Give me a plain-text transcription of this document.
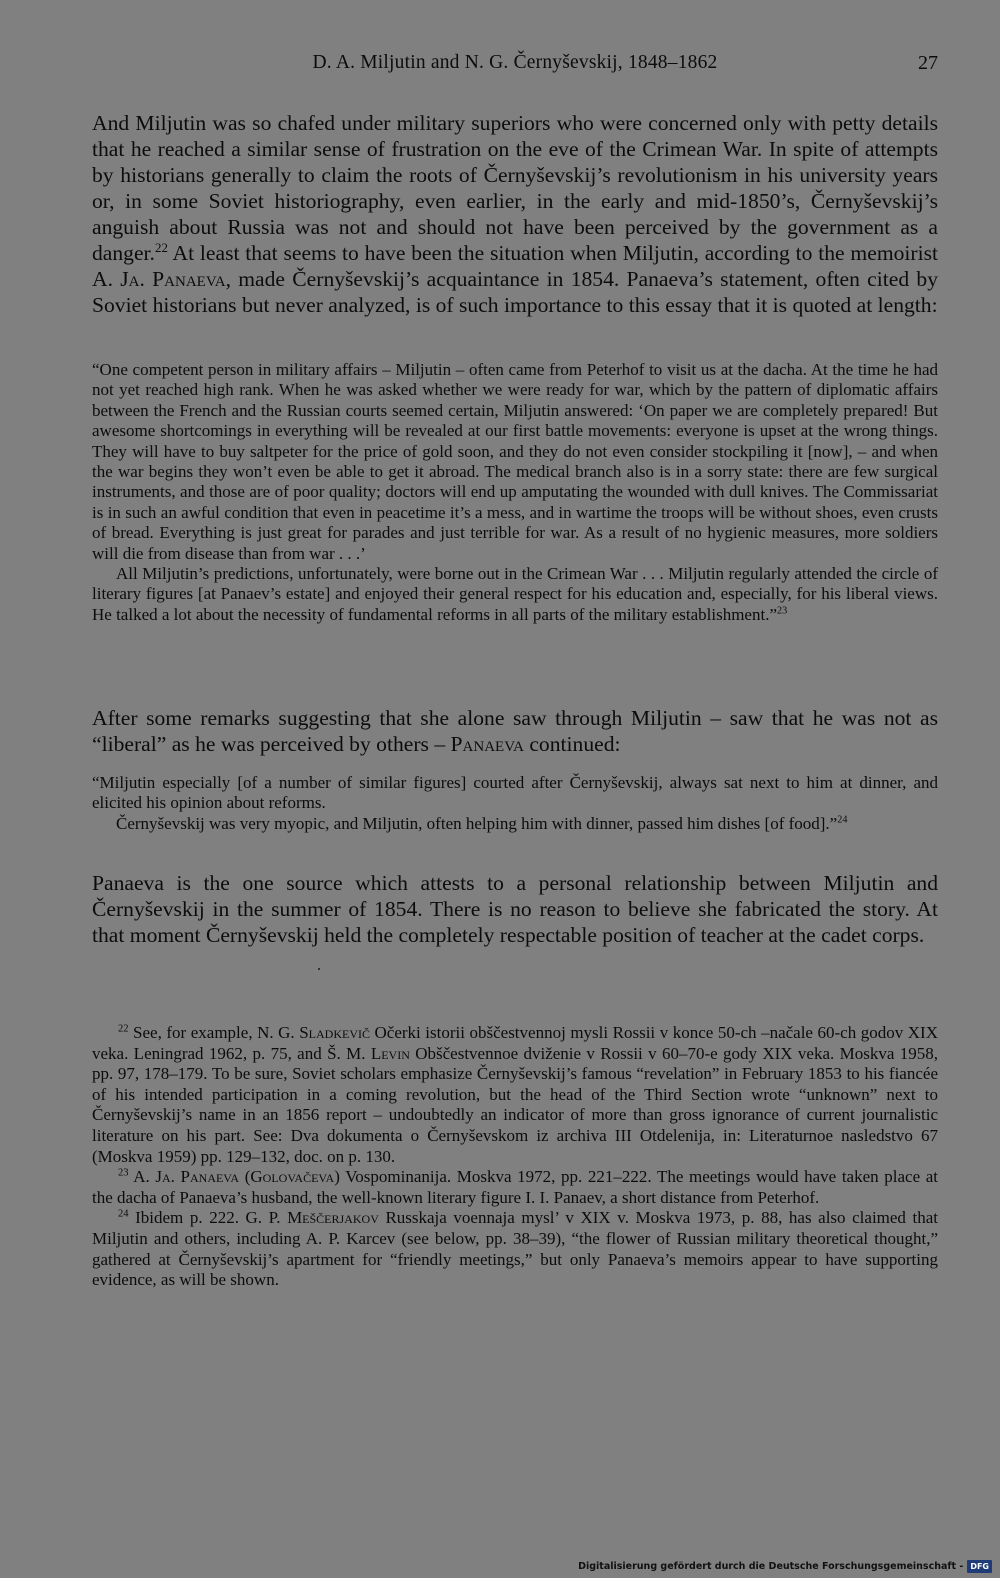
D. A. Miljutin and N. G. Černyševskij, 1848–1862	27

And Miljutin was so chafed under military superiors who were concerned only with petty details that he reached a similar sense of frustration on the eve of the Crimean War. In spite of attempts by historians generally to claim the roots of Černyševskij’s revolutionism in his university years or, in some Soviet historiography, even earlier, in the early and mid-1850’s, Černyševskij’s anguish about Russia was not and should not have been perceived by the government as a danger.$^{22}$ At least that seems to have been the situation when Miljutin, according to the memoirist A. Ja. Panaeva, made Černyševskij’s acquaintance in 1854. Panaeva’s statement, often cited by Soviet historians but never analyzed, is of such importance to this essay that it is quoted at length:

“One competent person in military affairs – Miljutin – often came from Peterhof to visit us at the dacha. At the time he had not yet reached high rank. When he was asked whether we were ready for war, which by the pattern of diplomatic affairs between the French and the Russian courts seemed certain, Miljutin answered: ‘On paper we are completely prepared! But awesome shortcomings in everything will be revealed at our first battle movements: everyone is upset at the wrong things. They will have to buy saltpeter for the price of gold soon, and they do not even consider stockpiling it [now], – and when the war begins they won’t even be able to get it abroad. The medical branch also is in a sorry state: there are few surgical instruments, and those are of poor quality; doctors will end up amputating the wounded with dull knives. The Commissariat is in such an awful condition that even in peacetime it’s a mess, and in wartime the troops will be without shoes, even crusts of bread. Everything is just great for parades and just terrible for war. As a result of no hygienic measures, more soldiers will die from disease than from war . . .’
All Miljutin’s predictions, unfortunately, were borne out in the Crimean War . . . Miljutin regularly attended the circle of literary figures [at Panaev’s estate] and enjoyed their general respect for his education and, especially, for his liberal views. He talked a lot about the necessity of fundamental reforms in all parts of the military establishment.”$^{23}$

After some remarks suggesting that she alone saw through Miljutin – saw that he was not as “liberal” as he was perceived by others – Panaeva continued:

“Miljutin especially [of a number of similar figures] courted after Černyševskij, always sat next to him at dinner, and elicited his opinion about reforms.
Černyševskij was very myopic, and Miljutin, often helping him with dinner, passed him dishes [of food].”$^{24}$

Panaeva is the one source which attests to a personal relationship between Miljutin and Černyševskij in the summer of 1854. There is no reason to believe she fabricated the story. At that moment Černyševskij held the completely respectable position of teacher at the cadet corps.

$^{22}$ See, for example, N. G. Sladkevič Očerki istorii obščestvennoj mysli Rossii v konce 50-ch –načale 60-ch godov XIX veka. Leningrad 1962, p. 75, and Š. M. Levin Obščestvennoe dviženie v Rossii v 60–70-e gody XIX veka. Moskva 1958, pp. 97, 178–179. To be sure, Soviet scholars emphasize Černyševskij’s famous “revelation” in February 1853 to his fiancée of his intended participation in a coming revolution, but the head of the Third Section wrote “unknown” next to Černyševskij’s name in an 1856 report – undoubtedly an indicator of more than gross ignorance of current journalistic literature on his part. See: Dva dokumenta o Černyševskom iz archiva III Otdelenija, in: Literaturnoe nasledstvo 67 (Moskva 1959) pp. 129–132, doc. on p. 130.
$^{23}$ A. Ja. Panaeva (Golovačeva) Vospominanija. Moskva 1972, pp. 221–222. The meetings would have taken place at the dacha of Panaeva’s husband, the well-known literary figure I. I. Panaev, a short distance from Peterhof.
$^{24}$ Ibidem p. 222. G. P. Meščerjakov Russkaja voennaja mysl’ v XIX v. Moskva 1973, p. 88, has also claimed that Miljutin and others, including A. P. Karcev (see below, pp. 38–39), “the flower of Russian military theoretical thought,” gathered at Černyševskij’s apartment for “friendly meetings,” but only Panaeva’s memoirs appear to have supporting evidence, as will be shown.
Digitalisierung gefördert durch die Deutsche Forschungsgemeinschaft - DFG
